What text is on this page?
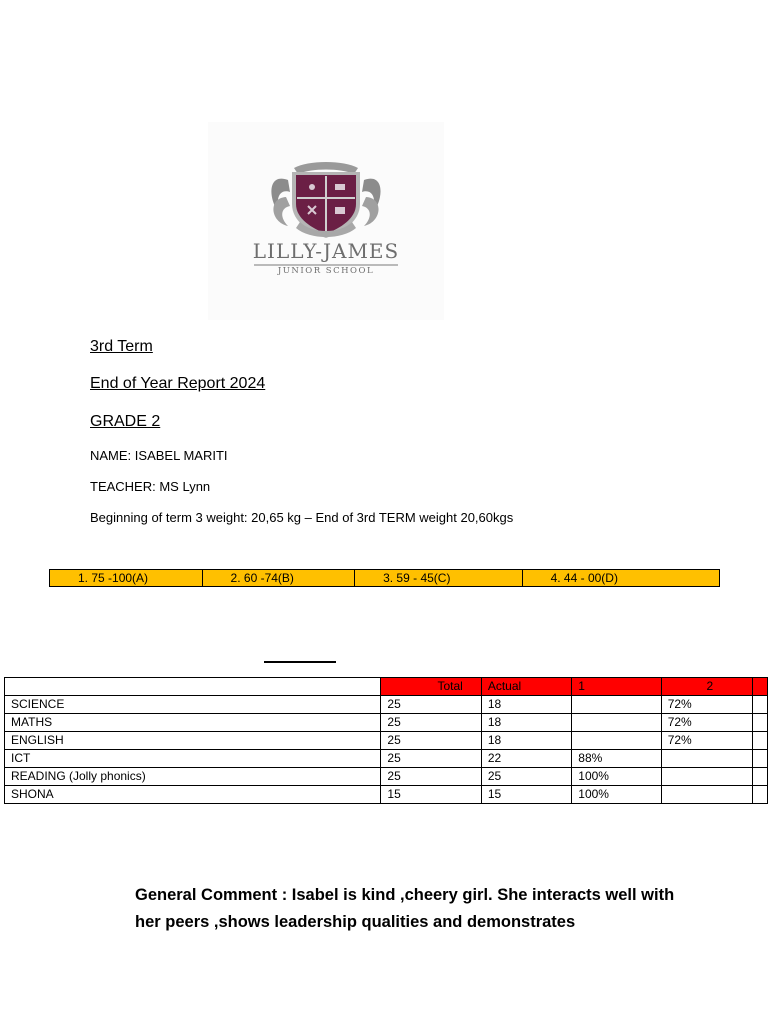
LILLY-JAMES
JUNIOR SCHOOL
3rd Term
End of Year Report 2024
GRADE 2
NAME: ISABEL MARITI
TEACHER: MS Lynn
Beginning of term 3 weight: 20,65 kg – End of 3rd TERM weight 20,60kgs
1. 75 -100(A)	2. 60 -74(B)	3. 59 - 45(C)	4. 44 - 00(D)
	Total	Actual	1	2	
SCIENCE	25	18		72%	
MATHS	25	18		72%	
ENGLISH	25	18		72%	
ICT	25	22	88%		
READING (Jolly phonics)	25	25	100%		
SHONA	15	15	100%		
General Comment : Isabel is kind ,cheery girl. She interacts well with her peers ,shows leadership qualities and demonstrates
